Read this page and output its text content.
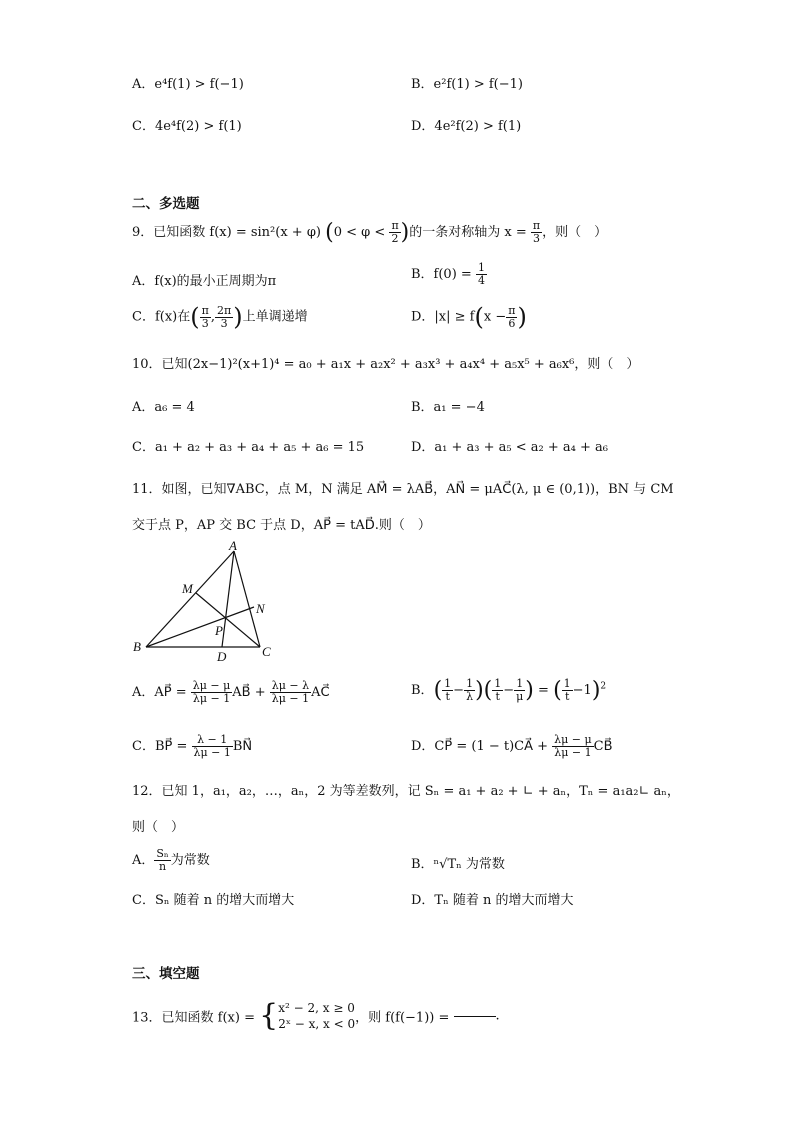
A．e⁴f(1) > f(−1)	B．e²f(1) > f(−1)
C．4e⁴f(2) > f(1)	D．4e²f(2) > f(1)
二、多选题
9．已知函数 f(x) = sin²(x + φ) ($0 < \varphi < \frac{\pi}{2}$ )的一条对称轴为 $x = \frac{\pi}{3}$ ，则（　）
A．f(x)的最小正周期为π	B．$f(0) = \frac{1}{4}$
C．f(x)在( $\frac{\pi}{3}$ , $\frac{2\pi}{3}$ )上单调递增	D．$|x| \ge f(x - \frac{\pi}{6}$ )
10．已知(2x−1)²(x+1)⁴ = a₀ + a₁x + a₂x² + a₃x³ + a₄x⁴ + a₅x⁵ + a₆x⁶，则（　）
A．a₆ = 4	B．a₁ = −4
C．a₁ + a₂ + a₃ + a₄ + a₅ + a₆ = 15	D．a₁ + a₃ + a₅ < a₂ + a₄ + a₆
11．如图，已知∇ABC，点 M，N 满足 AM⃗ = λAB⃗，AN⃗ = μAC⃗(λ, μ ∈ (0,1))，BN 与 CM
交于点 P，AP 交 BC 于点 D，AP⃗ = tAD⃗.则（　）
A
B	C
D
M
N
P
A．AP⃗ = $\frac{\lambda\mu - \mu}{\lambda\mu - 1}$ AB⃗ + $\frac{\lambda\mu - \lambda}{\lambda\mu - 1}$ AC⃗	B．( $\frac{1}{t} - \frac{1}{\lambda}$ )( $\frac{1}{t} - \frac{1}{\mu}$ ) = ( $\frac{1}{t} -1)^2$
C．BP⃗ = $\frac{\lambda - 1}{\lambda\mu - 1}$ BN⃗	D．CP⃗ = (1 − t)CA⃗ + $\frac{\lambda\mu - \mu}{\lambda\mu - 1}$ CB⃗
12．已知 1，a₁，a₂，…，aₙ，2 为等差数列，记 Sₙ = a₁ + a₂ + ∟ + aₙ，Tₙ = a₁a₂∟ aₙ，
则（　）
A． $\frac{\text{Sₙ}}{n}$ 为常数	B．ⁿ√Tₙ 为常数
C．Sₙ 随着 n 的增大而增大	D．Tₙ 随着 n 的增大而增大
三、填空题
13．已知函数 f(x) = { x² − 2, x ≥ 0
2ˣ − x, x < 0 ，则 f(f(−1)) =	.
